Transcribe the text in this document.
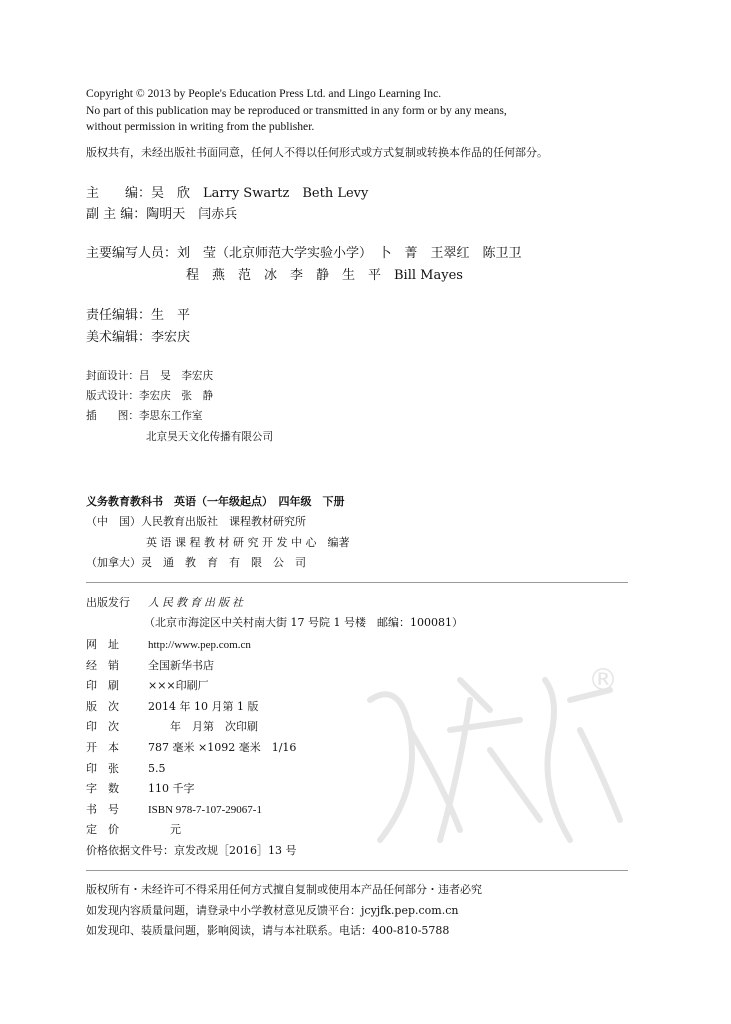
Copyright © 2013 by People's Education Press Ltd. and Lingo Learning Inc.
No part of this publication may be reproduced or transmitted in any form or by any means,
without permission in writing from the publisher.
版权共有，未经出版社书面同意，任何人不得以任何形式或方式复制或转换本作品的任何部分。
主　　编：吴　欣　Larry Swartz　Beth Levy
副 主 编：陶明天　闫赤兵
主要编写人员：刘　莹（北京师范大学实验小学）　卜　菁　王翠红　陈卫卫
程　燕　范　冰　李　静　生　平　Bill Mayes
责任编辑：生　平
美术编辑：李宏庆
封面设计：吕　旻　李宏庆
版式设计：李宏庆　张　静
插　　图：李思东工作室
北京昊天文化传播有限公司
义务教育教科书　英语（一年级起点）　四年级　下册
（中　国）人民教育出版社　课程教材研究所
英 语 课 程 教 材 研 究 开 发 中 心　编著
（加拿大）灵　通　教　育　有　限　公　司
®
人教版
出版发行 人民教育出版社
（北京市海淀区中关村南大街 17 号院 1 号楼　邮编：100081）
网　址	http://www.pep.com.cn
经　销	全国新华书店
印　刷	×××印刷厂
版　次	2014 年 10 月第 1 版
印　次	　　年　月第　次印刷
开　本	787 毫米 ×1092 毫米　1/16
印　张	5.5
字　数	110 千字
书　号	ISBN 978-7-107-29067-1
定　价	　　元
价格依据文件号：京发改规［2016］13 号
版权所有・未经许可不得采用任何方式擅自复制或使用本产品任何部分・违者必究
如发现内容质量问题，请登录中小学教材意见反馈平台：jcyjfk.pep.com.cn
如发现印、装质量问题，影响阅读，请与本社联系。电话：400-810-5788
